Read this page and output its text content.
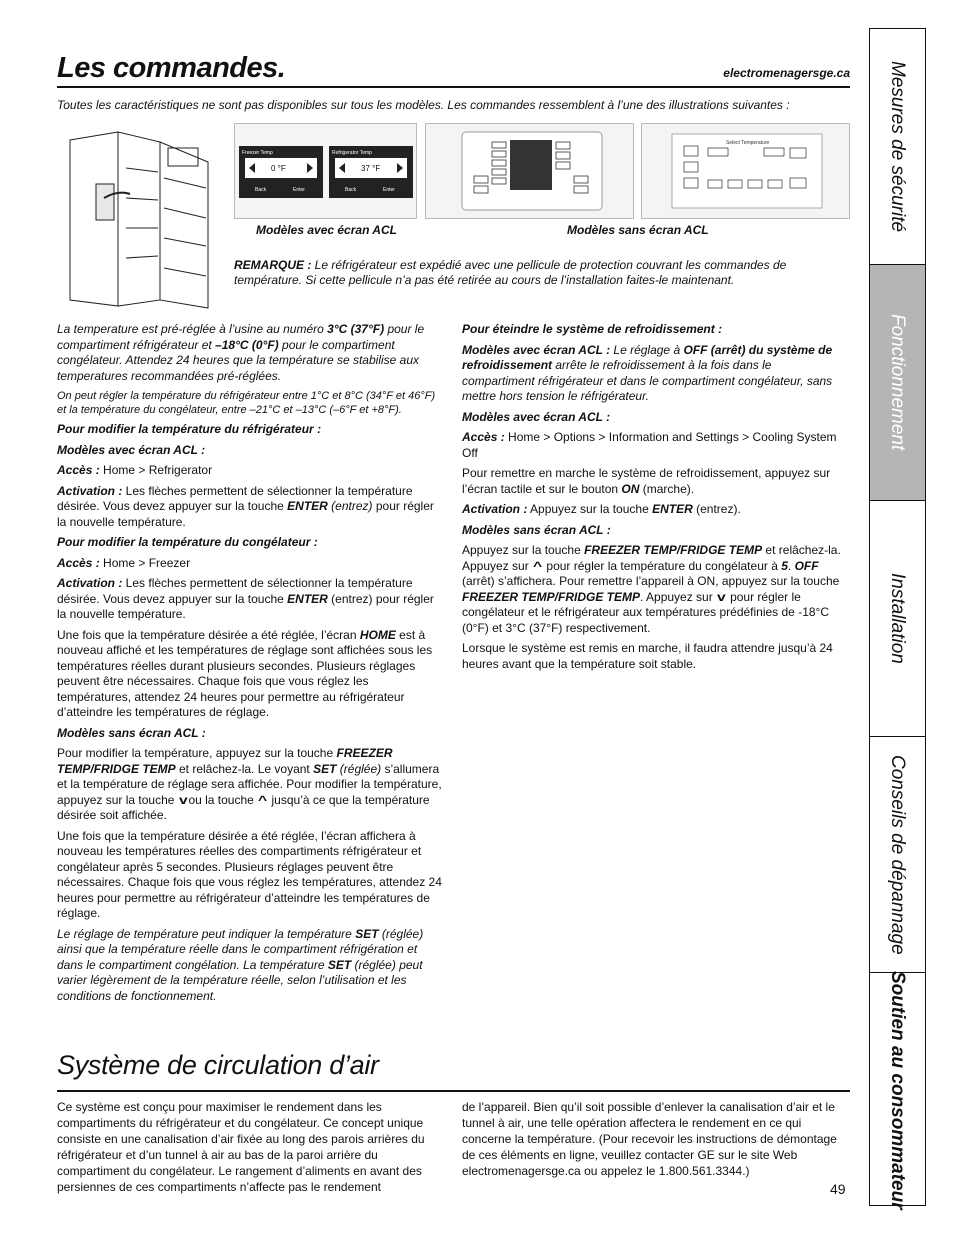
Les commandes.	electromenagersge.ca

Toutes les caractéristiques ne sont pas disponibles sur tous les modèles. Les commandes ressemblent à l’une des illustrations suivantes :

Freezer Temp	Refrigerator Temp
0 °F	37 °F
Back	Enter	Back	Enter
Select Temperature
Modèles avec écran ACL	Modèles sans écran ACL

REMARQUE : Le réfrigérateur est expédié avec une pellicule de protection couvrant les commandes de température. Si cette pellicule n’a pas été retirée au cours de l’installation faites-le maintenant.

La temperature est pré-réglée à l’usine au numéro 3°C (37°F) pour le compartiment réfrigérateur et –18°C (0°F) pour le compartiment congélateur. Attendez 24 heures que la température se stabilise aux temperatures recommandées pré-réglées.

On peut régler la température du réfrigérateur entre 1°C et 8°C (34°F et 46°F) et la température du congélateur, entre –21°C et –13°C (–6°F et +8°F).

Pour modifier la température du réfrigérateur :

Modèles avec écran ACL :

Accès : Home > Refrigerator

Activation : Les flèches permettent de sélectionner la température désirée. Vous devez appuyer sur la touche ENTER (entrez) pour régler la nouvelle température.

Pour modifier la température du congélateur :

Accès : Home > Freezer

Activation : Les flèches permettent de sélectionner la température désirée. Vous devez appuyer sur la touche ENTER (entrez) pour régler la nouvelle température.

Une fois que la température désirée a été réglée, l’écran HOME est à nouveau affiché et les températures de réglage sont affichées sous les températures réelles durant plusieurs secondes. Plusieurs réglages peuvent être nécessaires. Chaque fois que vous réglez les températures, attendez 24 heures pour permettre au réfrigérateur d’atteindre les températures de réglage.

Modèles sans écran ACL :

Pour modifier la température, appuyez sur la touche FREEZER TEMP/FRIDGE TEMP et relâchez-la. Le voyant SET (réglée) s’allumera et la température de réglage sera affichée. Pour modifier la température, appuyez sur la touche vou la touche ^ jusqu’à ce que la température désirée soit affichée.

Une fois que la température désirée a été réglée, l’écran affichera à nouveau les températures réelles des compartiments réfrigérateur et congélateur après 5 secondes. Plusieurs réglages peuvent être nécessaires. Chaque fois que vous réglez les températures, attendez 24 heures pour permettre au réfrigérateur d’atteindre les températures de réglage.

Le réglage de température peut indiquer la température SET (réglée) ainsi que la température réelle dans le compartiment réfrigération et dans le compartiment congélation. La température SET (réglée) peut varier légèrement de la température réelle, selon l’utilisation et les conditions de fonctionnement.

Pour éteindre le système de refroidissement :

Modèles avec écran ACL : Le réglage à OFF (arrêt) du système de refroidissement arrête le refroidissement à la fois dans le compartiment réfrigérateur et dans le compartiment congélateur, sans mettre hors tension le réfrigérateur.

Modèles avec écran ACL :

Accès : Home > Options > Information and Settings > Cooling System Off

Pour remettre en marche le système de refroidissement, appuyez sur l’écran tactile et sur le bouton ON (marche).

Activation : Appuyez sur la touche ENTER (entrez).

Modèles sans écran ACL :

Appuyez sur la touche FREEZER TEMP/FRIDGE TEMP et relâchez-la. Appuyez sur ^ pour régler la température du congélateur à 5. OFF (arrêt) s’affichera. Pour remettre l’appareil à ON, appuyez sur la touche FREEZER TEMP/FRIDGE TEMP. Appuyez sur v pour régler le congélateur et le réfrigérateur aux températures prédéfinies de -18°C (0°F) et 3°C (37°F) respectivement.

Lorsque le système est remis en marche, il faudra attendre jusqu’à 24 heures avant que la température soit stable.

Système de circulation d’air

Ce système est conçu pour maximiser le rendement dans les compartiments du réfrigérateur et du congélateur. Ce concept unique consiste en une canalisation d’air fixée au long des parois arrières du réfrigérateur et d’un tunnel à air au bas de la paroi arrière du compartiment du congélateur. Le rangement d’aliments en avant des persiennes de ces compartiments n’affecte pas le rendement

de l’appareil. Bien qu’il soit possible d’enlever la canalisation d’air et le tunnel à air, une telle opération affectera le rendement en ce qui concerne la température. (Pour recevoir les instructions de démontage de ces éléments en ligne, veuillez contacter GE sur le site Web electromenagersge.ca ou appelez le 1.800.561.3344.)

49
Mesures de sécurité
Fonctionnement
Installation
Conseils de dépannage
Soutien au consommateur
